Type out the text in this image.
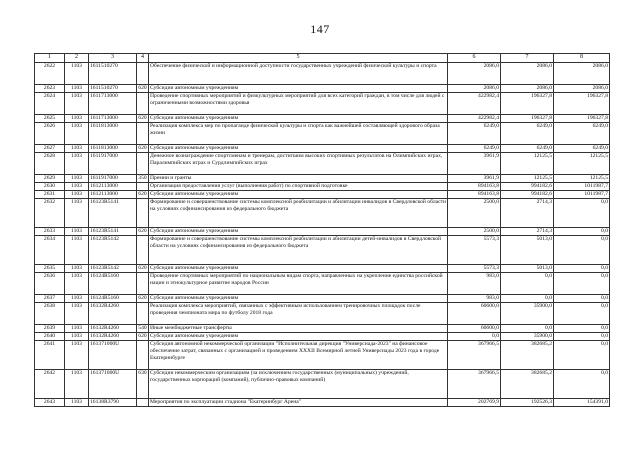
147
1	2	3	4	5	6	7	8
2622	1103	1611510270		Обеспечение физической и информационной доступности государственных учреждений физической культуры и спорта	2086,0	2086,0	2086,0
2623	1103	1611510270	620	Субсидии автономным учреждениям	2086,0	2086,0	2086,0
2624	1103	1611713000		Проведение спортивных мероприятий и физкультурных мероприятий для всех категорий граждан, в том числе для людей с ограниченными возможностями здоровья	422982,4	196327,8	196327,8
2625	1103	1611713000	620	Субсидии автономным учреждениям	422982,4	196327,8	196327,8
2626	1103	1611813000		Реализация комплекса мер по пропаганде физической культуры и спорта как важнейшей составляющей здорового образа жизни	6249,0	6249,0	6249,0
2627	1103	1611813000	620	Субсидии автономным учреждениям	6249,0	6249,0	6249,0
2628	1103	1611917000		Денежное вознаграждение спортсменам и тренерам, достигшим высоких спортивных результатов на Олимпийских играх, Паралимпийских играх и Сурдлимпийских играх	3961,9	12125,5	12125,5
2629	1103	1611917000	350	Премии и гранты	3961,9	12125,5	12125,5
2630	1103	1612113000		Организация предоставления услуг (выполнения работ) по спортивной подготовке	894163,8	994182,6	1011987,7
2631	1103	1612113000	620	Субсидии автономным учреждениям	894163,8	994182,6	1011987,7
2632	1103	16123R5141		Формирование и совершенствование системы комплексной реабилитации и абилитации инвалидов в Свердловской области на условиях софинансирования из федерального бюджета	2500,0	2714,3	0,0
2633	1103	16123R5141	620	Субсидии автономным учреждениям	2500,0	2714,3	0,0
2634	1103	16123R5142		Формирование и совершенствование системы комплексной реабилитации и абилитации детей-инвалидов в Свердловской области на условиях софинансирования из федерального бюджета	5573,3	5013,0	0,0
2635	1103	16123R5142	620	Субсидии автономным учреждениям	5573,3	5013,0	0,0
2636	1103	16124R5160		Проведение спортивных мероприятий по национальным видам спорта, направленных на укрепление единства российской нации и этнокультурное развитие народов России	983,0	0,0	0,0
2637	1103	16124R5160	620	Субсидии автономным учреждениям	983,0	0,0	0,0
2638	1103	16132R4260		Реализация комплекса мероприятий, связанных с эффективным использованием тренировочных площадок после проведения чемпионата мира по футболу 2018 года	60600,0	35900,0	0,0
2639	1103	16132R4260	540	Иные межбюджетные трансферты	60600,0	0,0	0,0
2640	1103	16132R4260	620	Субсидии автономным учреждениям	0,0	35900,0	0,0
2641	1103	161371000U		Субсидия автономной некоммерческой организации "Исполнительная дирекция "Универсиада-2023" на финансовое обеспечение затрат, связанных с организацией и проведением XXXII Всемирной летней Универсиады 2023 года в городе Екатеринбурге	367966,5	382685,2	0,0
2642	1103	161371000U	630	Субсидии некоммерческим организациям (за исключением государственных (муниципальных) учреждений, государственных корпораций (компаний), публично-правовых компаний)	367966,5	382685,2	0,0
2643	1103	16138R3790		Мероприятия по эксплуатации стадиона "Екатеринбург Арена"	202769,9	192526,3	154391,0
